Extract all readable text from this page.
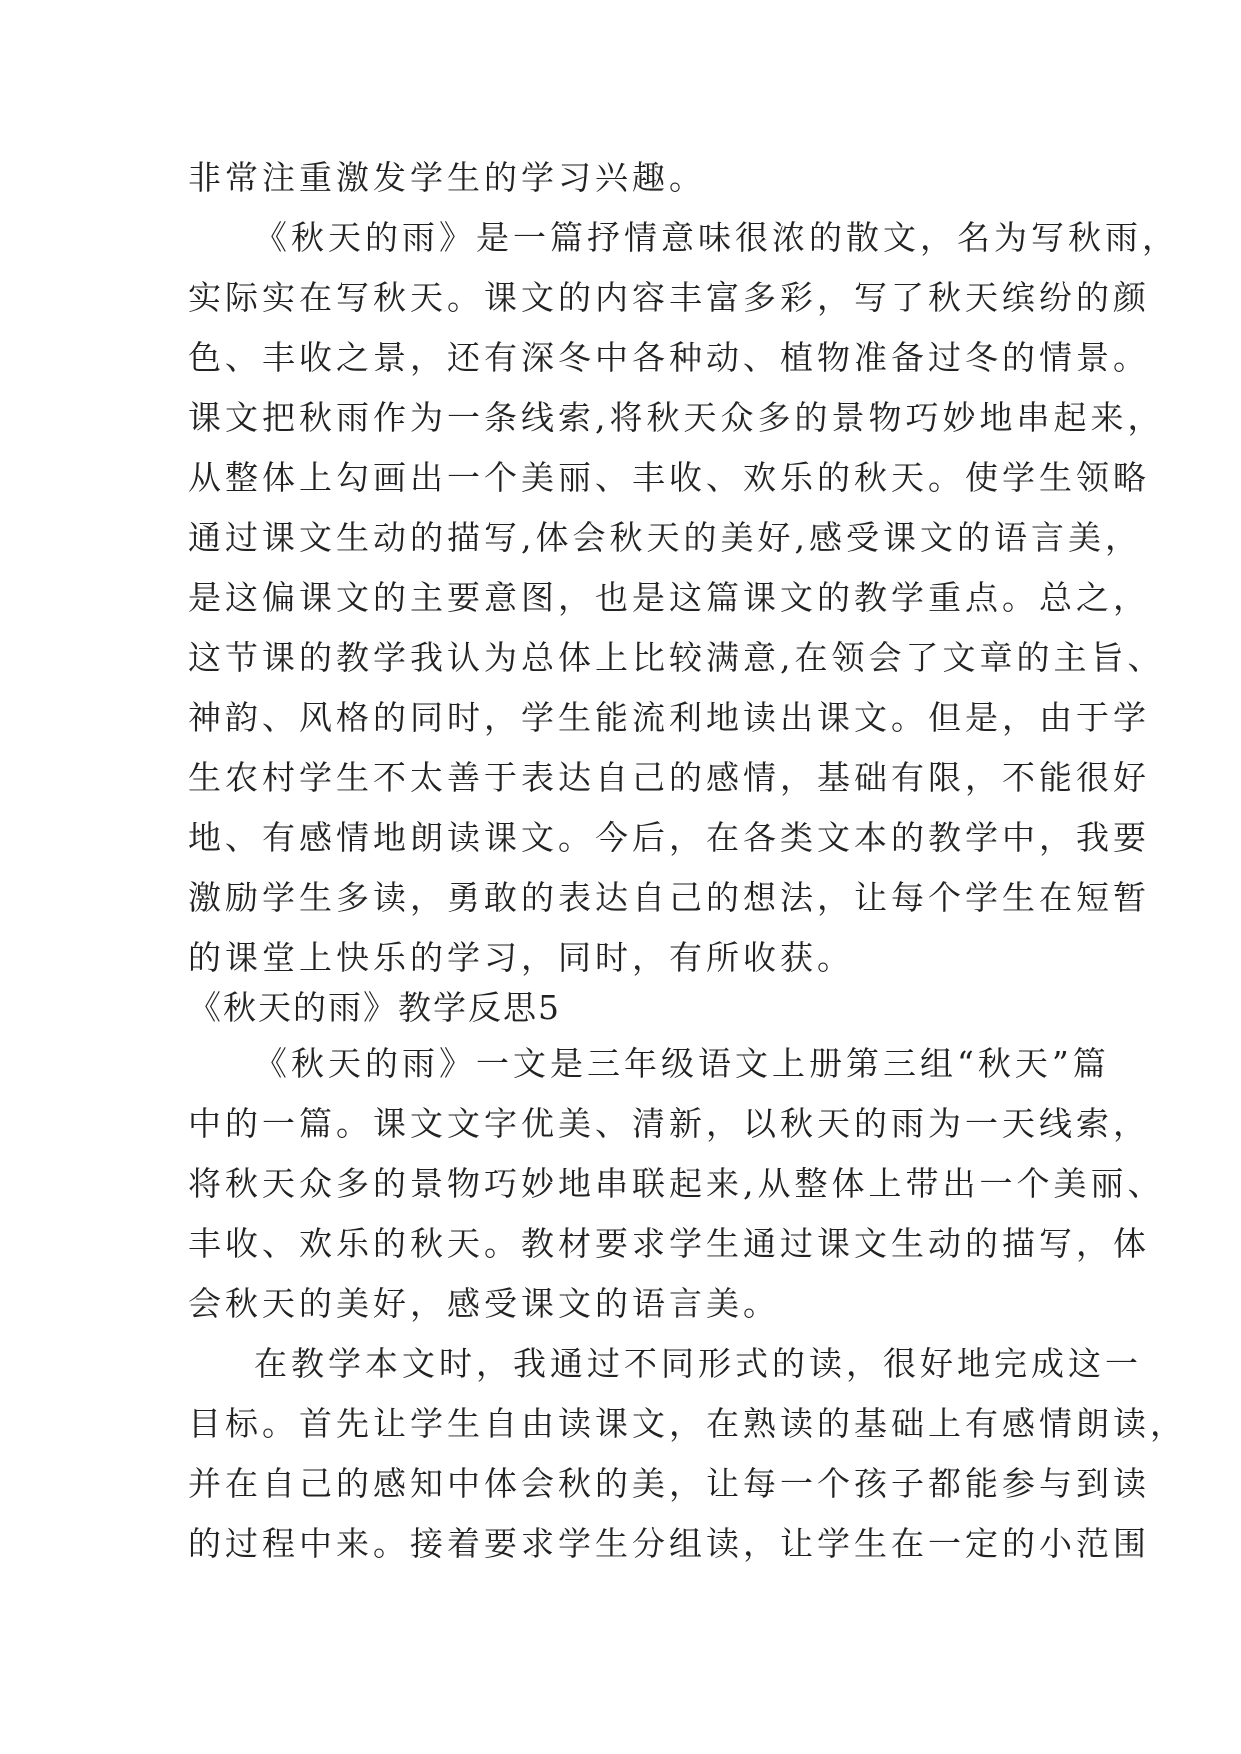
非常注重激发学生的学习兴趣。
《秋天的雨》是一篇抒情意味很浓的散文，名为写秋雨，
实际实在写秋天。课文的内容丰富多彩，写了秋天缤纷的颜
色、丰收之景，还有深冬中各种动、植物准备过冬的情景。
课文把秋雨作为一条线索,将秋天众多的景物巧妙地串起来，
从整体上勾画出一个美丽、丰收、欢乐的秋天。使学生领略
通过课文生动的描写,体会秋天的美好,感受课文的语言美，
是这偏课文的主要意图，也是这篇课文的教学重点。总之，
这节课的教学我认为总体上比较满意,在领会了文章的主旨、
神韵、风格的同时，学生能流利地读出课文。但是，由于学
生农村学生不太善于表达自己的感情，基础有限，不能很好
地、有感情地朗读课文。今后，在各类文本的教学中，我要
激励学生多读，勇敢的表达自己的想法，让每个学生在短暂
的课堂上快乐的学习，同时，有所收获。
《秋天的雨》教学反思5
《秋天的雨》一文是三年级语文上册第三组“秋天”篇
中的一篇。课文文字优美、清新，以秋天的雨为一天线索，
将秋天众多的景物巧妙地串联起来,从整体上带出一个美丽、
丰收、欢乐的秋天。教材要求学生通过课文生动的描写，体
会秋天的美好，感受课文的语言美。
在教学本文时，我通过不同形式的读，很好地完成这一
目标。首先让学生自由读课文，在熟读的基础上有感情朗读，
并在自己的感知中体会秋的美，让每一个孩子都能参与到读
的过程中来。接着要求学生分组读，让学生在一定的小范围
